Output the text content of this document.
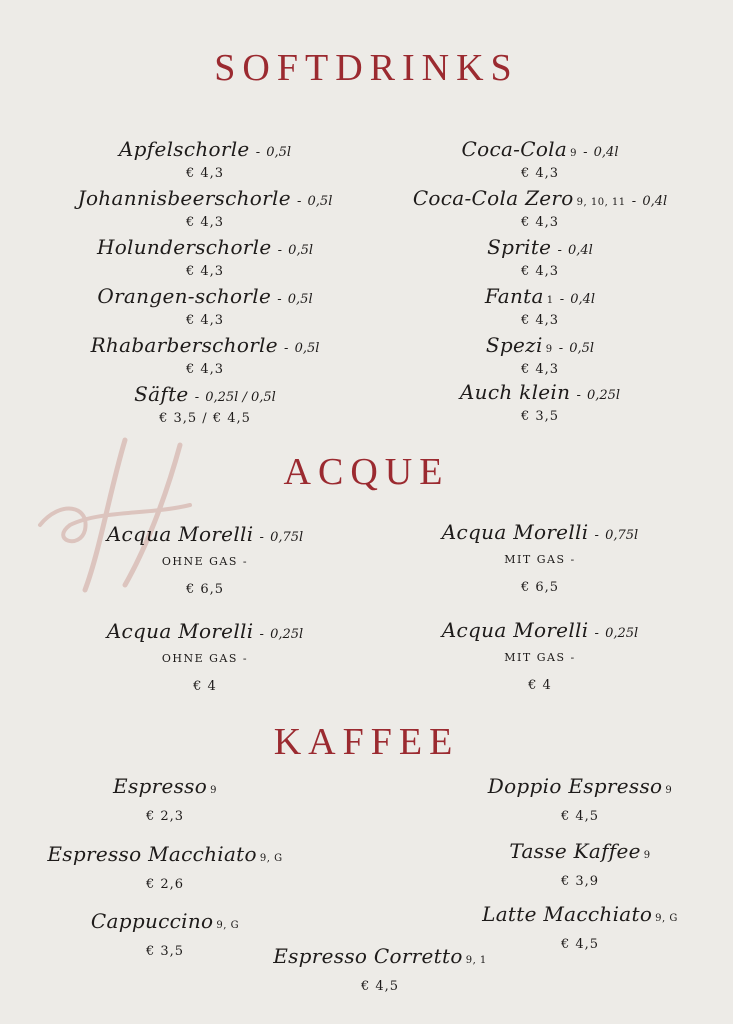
SOFTDRINKS
Apfelschorle - 0,5l
€ 4,3
Johannisbeerschorle - 0,5l
€ 4,3
Holunderschorle - 0,5l
€ 4,3
Orangen-schorle - 0,5l
€ 4,3
Rhabarberschorle - 0,5l
€ 4,3
Säfte - 0,25l / 0,5l
€ 3,5 / € 4,5
Coca-Cola 9 - 0,4l
€ 4,3
Coca-Cola Zero 9, 10, 11 - 0,4l
€ 4,3
Sprite - 0,4l
€ 4,3
Fanta 1 - 0,4l
€ 4,3
Spezi 9 - 0,5l
€ 4,3
Auch klein - 0,25l
€ 3,5
ACQUE
Acqua Morelli - 0,75l
OHNE GAS -
€ 6,5
Acqua Morelli - 0,75l
MIT GAS -
€ 6,5
Acqua Morelli - 0,25l
OHNE GAS -
€ 4
Acqua Morelli - 0,25l
MIT GAS -
€ 4
KAFFEE
Espresso 9
€ 2,3
Doppio Espresso 9
€ 4,5
Espresso Macchiato 9, G
€ 2,6
Tasse Kaffee 9
€ 3,9
Cappuccino 9, G
€ 3,5
Latte Macchiato 9, G
€ 4,5
Espresso Corretto 9, 1
€ 4,5
